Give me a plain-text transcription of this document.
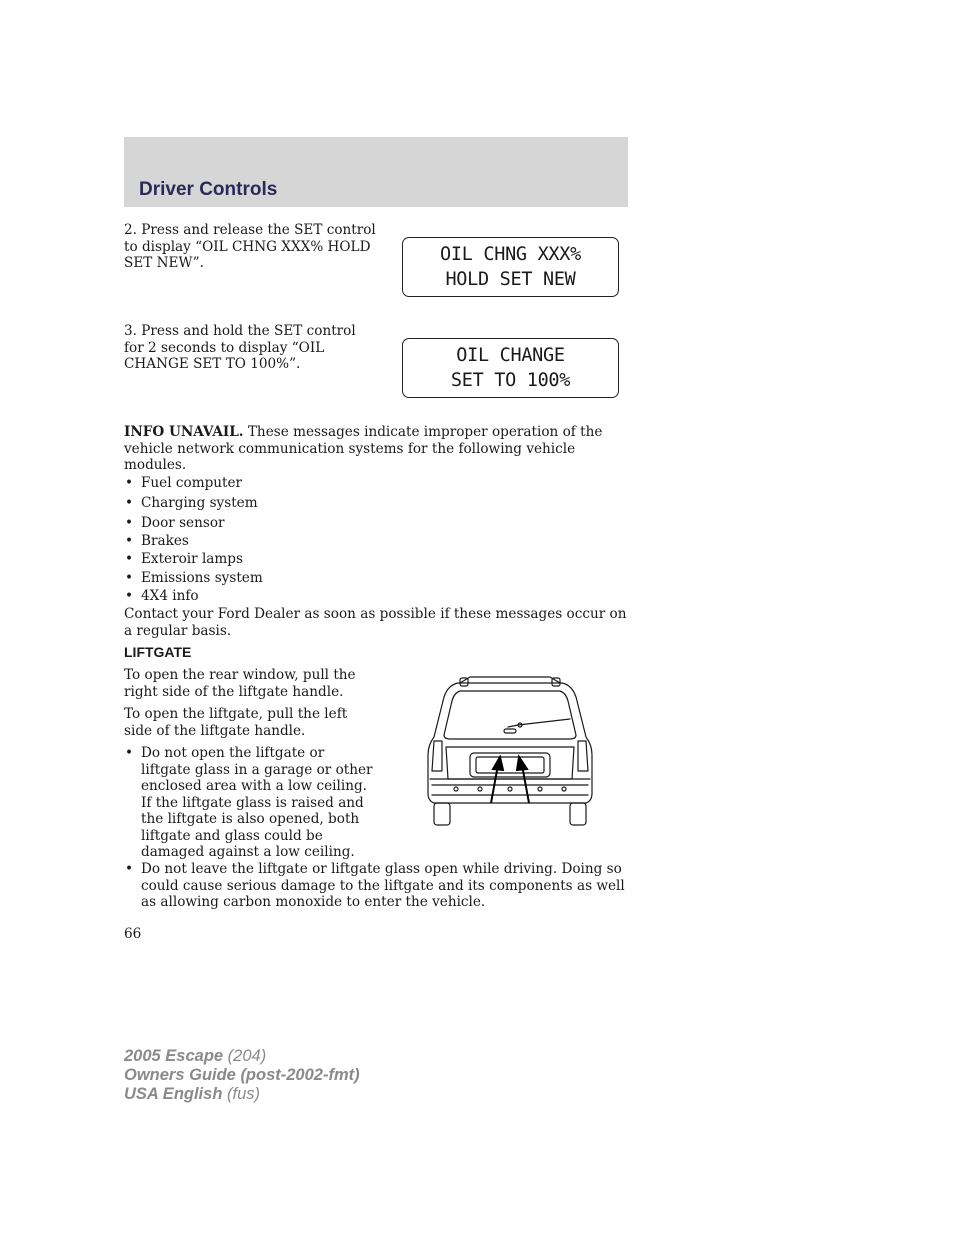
Driver Controls
2. Press and release the SET control to display “OIL CHNG XXX% HOLD SET NEW”.	OIL CHNG XXX%
HOLD SET NEW
3. Press and hold the SET control for 2 seconds to display “OIL CHANGE SET TO 100%”.	OIL CHANGE
SET TO 100%
INFO UNAVAIL. These messages indicate improper operation of the vehicle network communication systems for the following vehicle modules.
• Fuel computer
• Charging system
• Door sensor
• Brakes
• Exteroir lamps
• Emissions system
• 4X4 info
Contact your Ford Dealer as soon as possible if these messages occur on a regular basis.
LIFTGATE
To open the rear window, pull the right side of the liftgate handle.
To open the liftgate, pull the left side of the liftgate handle.
• Do not open the liftgate or liftgate glass in a garage or other enclosed area with a low ceiling. If the liftgate glass is raised and the liftgate is also opened, both liftgate and glass could be damaged against a low ceiling.
• Do not leave the liftgate or liftgate glass open while driving. Doing so could cause serious damage to the liftgate and its components as well as allowing carbon monoxide to enter the vehicle.
66
2005 Escape (204)
Owners Guide (post-2002-fmt)
USA English (fus)
